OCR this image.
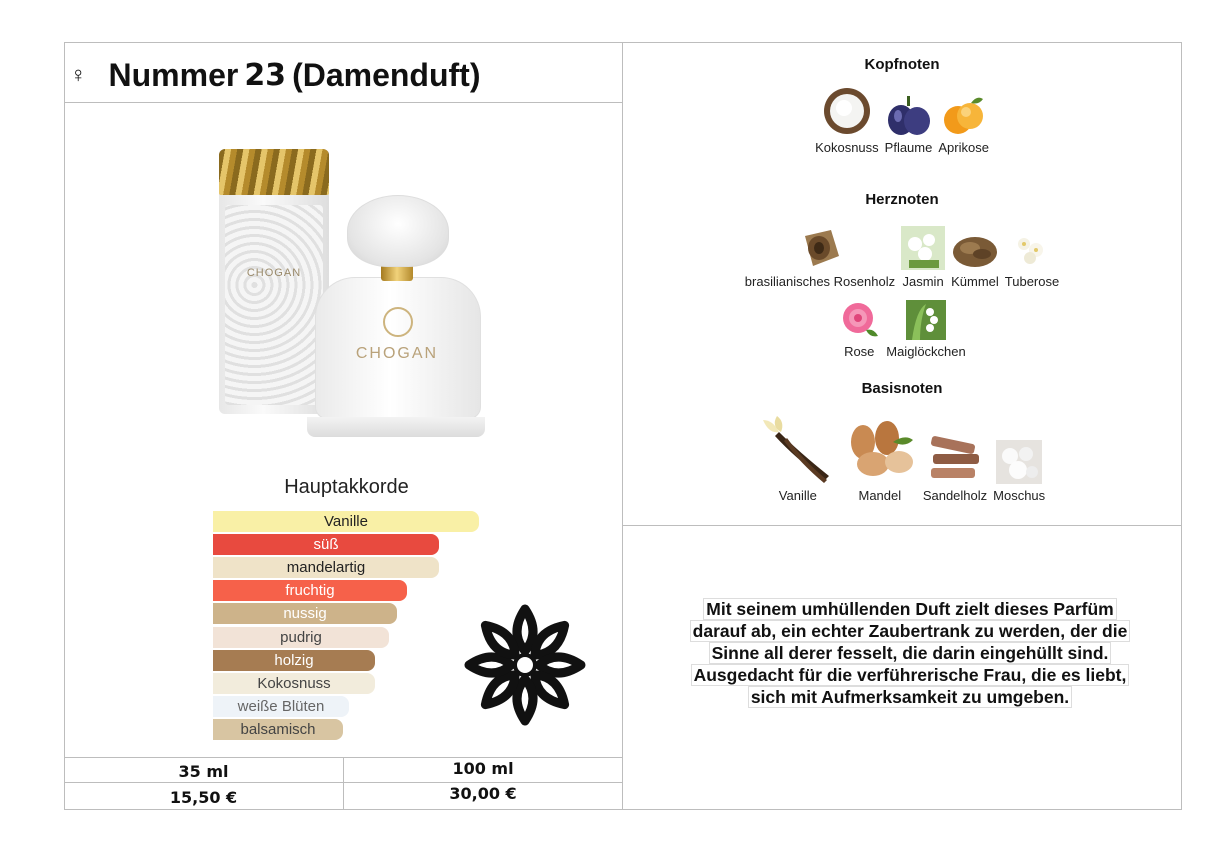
♀ Nummer 23 (Damenduft)
CHOGAN
CHOGAN
Hauptakkorde
Vanille
süß
mandelartig
fruchtig
nussig
pudrig
holzig
Kokosnuss
weiße Blüten
balsamisch
35 ml
15,50 €
100 ml
30,00 €
Kopfnoten
Kokosnuss Pflaume Aprikose
Herznoten
brasilianisches Rosenholz Jasmin Kümmel Tuberose
Rose Maiglöckchen
Basisnoten
Vanille	Mandel Sandelholz Moschus
Mit seinem umhüllenden Duft zielt dieses Parfüm
darauf ab, ein echter Zaubertrank zu werden, der die
Sinne all derer fesselt, die darin eingehüllt sind.
Ausgedacht für die verführerische Frau, die es liebt,
sich mit Aufmerksamkeit zu umgeben.
